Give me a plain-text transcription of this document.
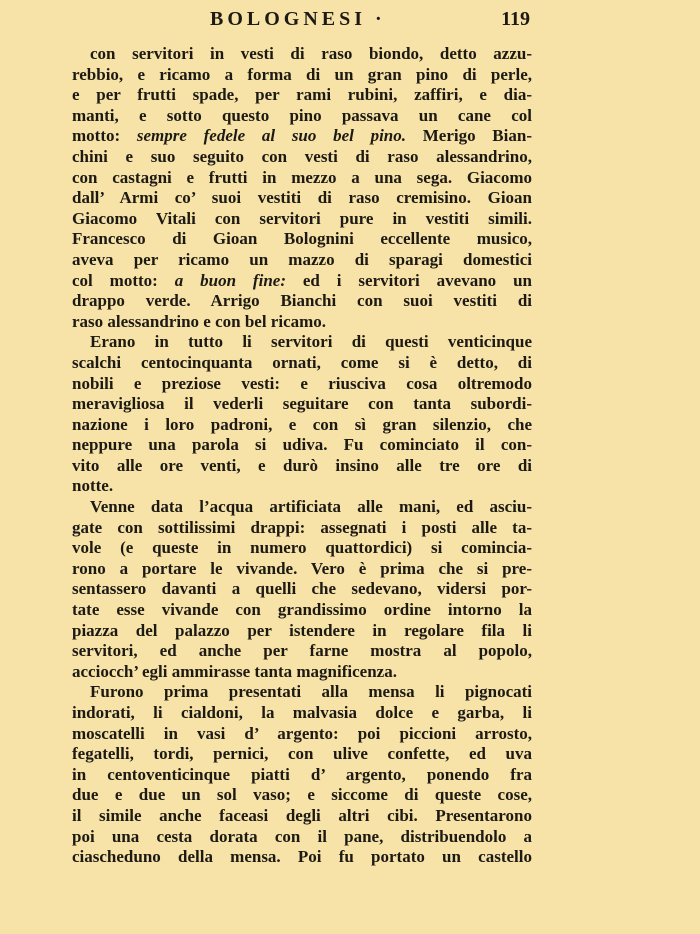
BOLOGNESI ·	119

con servitori in vesti di raso biondo, detto azzu-
rebbio, e ricamo a forma di un gran pino di perle,
e per frutti spade, per rami rubini, zaffiri, e dia-
manti, e sotto questo pino passava un cane col
motto: sempre fedele al suo bel pino. Merigo Bian-
chini e suo seguito con vesti di raso alessandrino,
con castagni e frutti in mezzo a una sega. Giacomo
dall’ Armi co’ suoi vestiti di raso cremisino. Gioan
Giacomo Vitali con servitori pure in vestiti simili.
Francesco di Gioan Bolognini eccellente musico,
aveva per ricamo un mazzo di sparagi domestici
col motto: a buon fine: ed i servitori avevano un
drappo verde. Arrigo Bianchi con suoi vestiti di
raso alessandrino e con bel ricamo.

Erano in tutto li servitori di questi venticinque
scalchi centocinquanta ornati, come si è detto, di
nobili e preziose vesti: e riusciva cosa oltremodo
meravigliosa il vederli seguitare con tanta subordi-
nazione i loro padroni, e con sì gran silenzio, che
neppure una parola si udiva. Fu cominciato il con-
vito alle ore venti, e durò insino alle tre ore di
notte.

Venne data l’acqua artificiata alle mani, ed asciu-
gate con sottilissimi drappi: assegnati i posti alle ta-
vole (e queste in numero quattordici) si comincia-
rono a portare le vivande. Vero è prima che si pre-
sentassero davanti a quelli che sedevano, vidersi por-
tate esse vivande con grandissimo ordine intorno la
piazza del palazzo per istendere in regolare fila li
servitori, ed anche per farne mostra al popolo,
acciocch’ egli ammirasse tanta magnificenza.

Furono prima presentati alla mensa li pignocati
indorati, li cialdoni, la malvasia dolce e garba, li
moscatelli in vasi d’ argento: poi piccioni arrosto,
fegatelli, tordi, pernici, con ulive confette, ed uva
in centoventicinque piatti d’ argento, ponendo fra
due e due un sol vaso; e siccome di queste cose,
il simile anche faceasi degli altri cibi. Presentarono
poi una cesta dorata con il pane, distribuendolo a
ciascheduno della mensa. Poi fu portato un castello
